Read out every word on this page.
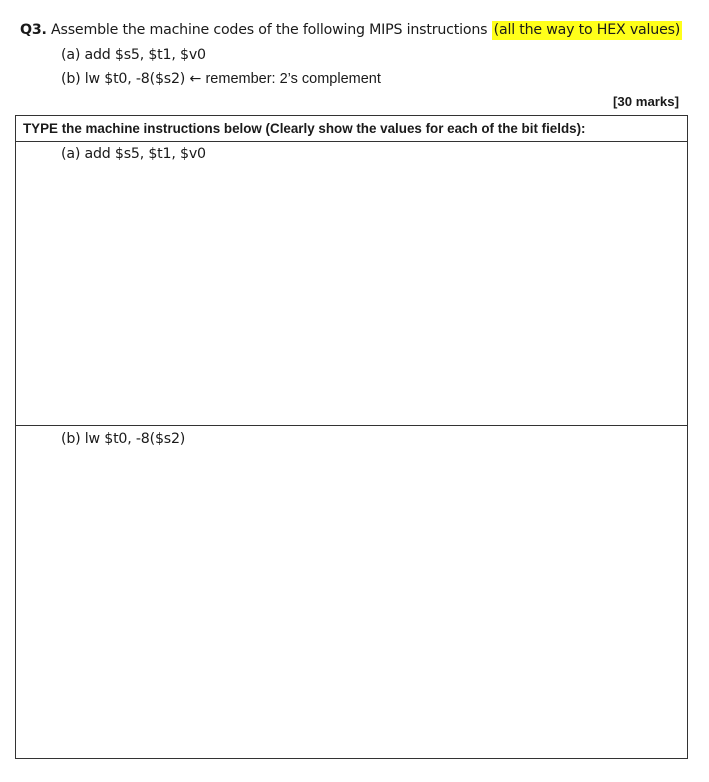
Q3. Assemble the machine codes of the following MIPS instructions (all the way to HEX values)
(a) add $s5, $t1, $v0
(b) lw $t0, -8($s2) ← remember: 2’s complement
[30 marks]
TYPE the machine instructions below (Clearly show the values for each of the bit fields):
(a) add $s5, $t1, $v0
(b) lw $t0, -8($s2)
